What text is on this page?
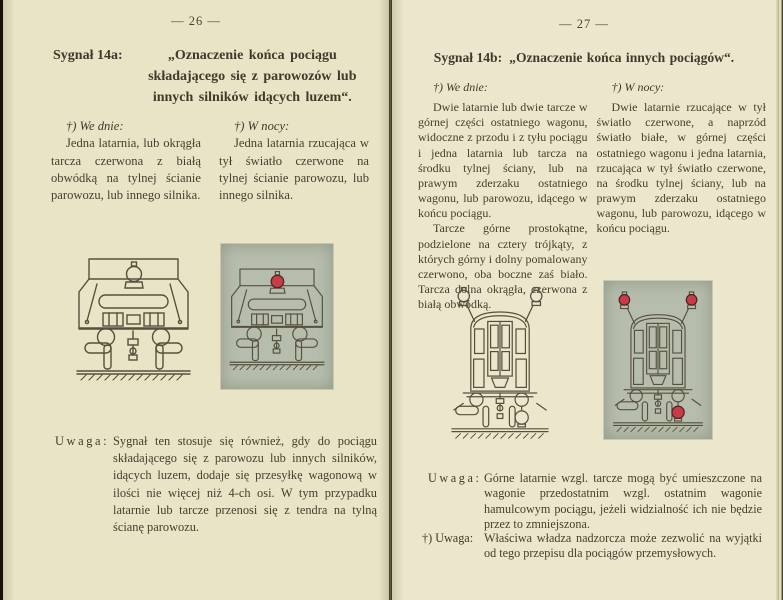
— 26 —
Sygnał 14a:	„Oznaczenie końca pociągu składającego się z parowozów lub innych silników idących luzem“.

†) We dnie:

Jedna latarnia, lub okrągła tarcza czerwona z białą obwódką na tylnej ścianie parowozu, lub innego silnika.

†) W nocy:

Jedna latarnia rzucająca w tył światło czerwone na tylnej ścianie parowozu, lub innego silnika.

Uwaga: Sygnał ten stosuje się również, gdy do pociągu składającego się z parowozu lub innych silników, idących luzem, dodaje się przesyłkę wagonową w ilości nie więcej niż 4-ch osi. W tym przypadku latarnie lub tarcze przenosi się z tendra na tylną ścianę parowozu.
— 27 —
Sygnał 14b: „Oznaczenie końca innych pociągów“.

†) We dnie:

Dwie latarnie lub dwie tarcze w górnej części ostatniego wagonu, widoczne z przodu i z tyłu pociągu i jedna latarnia lub tarcza na środku tylnej ściany, lub na prawym zderzaku ostatniego wagonu, lub parowozu, idącego w końcu pociągu.

Tarcze górne prostokątne, podzielone na cztery trójkąty, z których górny i dolny pomalowany czerwono, oba boczne zaś biało. Tarcza dolna okrągła, czerwona z białą obwódką.

†) W nocy:

Dwie latarnie rzucające w tył światło czerwone, a naprzód światło białe, w górnej części ostatniego wagonu i jedna latarnia, rzucająca w tył światło czerwone, na środku tylnej ściany, lub na prawym zderzaku ostatniego wagonu, lub parowozu, idącego w końcu pociągu.

Uwaga: Górne latarnie wzgl. tarcze mogą być umieszczone na wagonie przedostatnim wzgl. ostatnim wagonie hamulcowym pociągu, jeżeli widzialność ich nie będzie przez to zmniejszona.
†) Uwaga: Właściwa władza nadzorcza może zezwolić na wyjątki od tego przepisu dla pociągów przemysłowych.
